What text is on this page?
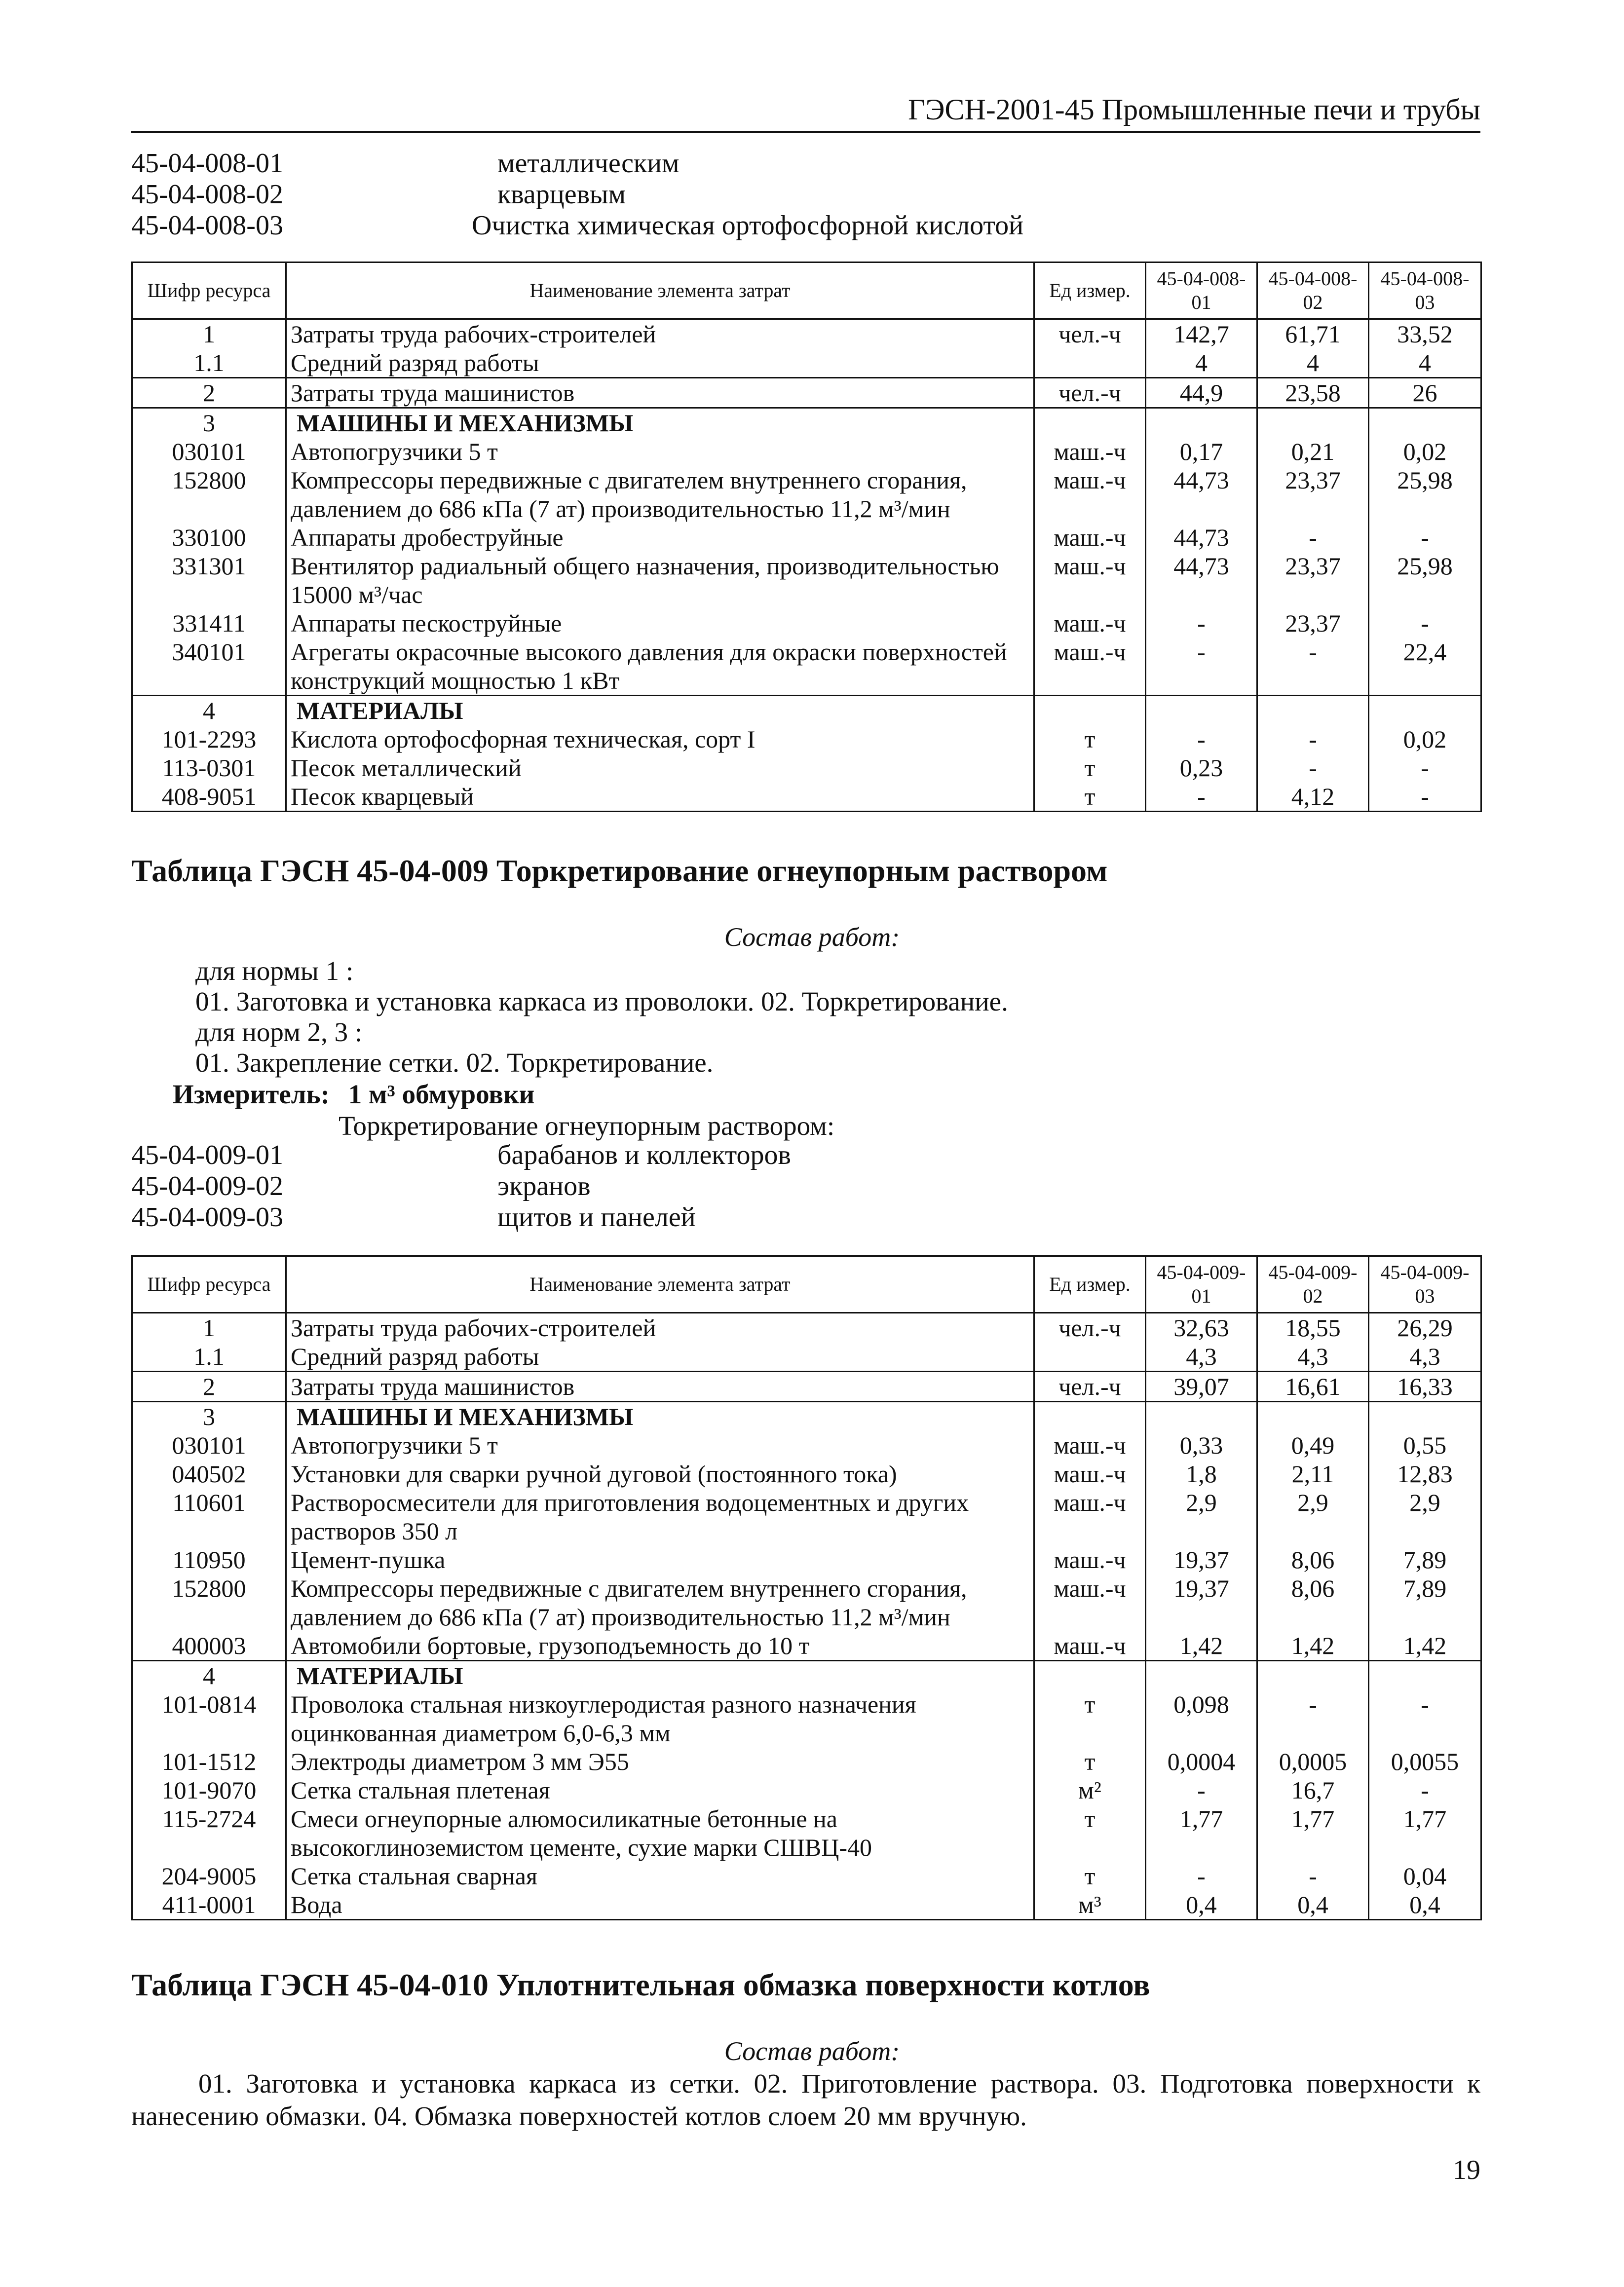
ГЭСН-2001-45 Промышленные печи и трубы
45-04-008-01	металлическим
45-04-008-02	кварцевым
45-04-008-03	Очистка химическая ортофосфорной кислотой
Шифр ресурса	Наименование элемента затрат	Ед измер.	45-04-008-01	45-04-008-02	45-04-008-03
1	Затраты труда рабочих-строителей	чел.-ч	142,7	61,71	33,52
1.1	Средний разряд работы		4	4	4
2	Затраты труда машинистов	чел.-ч	44,9	23,58	26
3	МАШИНЫ И МЕХАНИЗМЫ				
030101	Автопогрузчики 5 т	маш.-ч	0,17	0,21	0,02
152800	Компрессоры передвижные с двигателем внутреннего сгорания, давлением до 686 кПа (7 ат) производительностью 11,2 м³/мин	маш.-ч	44,73	23,37	25,98
330100	Аппараты дробеструйные	маш.-ч	44,73	-	-
331301	Вентилятор радиальный общего назначения, производительностью 15000 м³/час	маш.-ч	44,73	23,37	25,98
331411	Аппараты пескоструйные	маш.-ч	-	23,37	-
340101	Агрегаты окрасочные высокого давления для окраски поверхностей конструкций мощностью 1 кВт	маш.-ч	-	-	22,4
4	МАТЕРИАЛЫ				
101-2293	Кислота ортофосфорная техническая, сорт I	т	-	-	0,02
113-0301	Песок металлический	т	0,23	-	-
408-9051	Песок кварцевый	т	-	4,12	-
Таблица ГЭСН 45-04-009 Торкретирование огнеупорным раствором
Состав работ:
для нормы 1 :
01. Заготовка и установка каркаса из проволоки. 02. Торкретирование.
для норм 2, 3 :
01. Закрепление сетки. 02. Торкретирование.
Измеритель: 1 м³ обмуровки
Торкретирование огнеупорным раствором:
45-04-009-01	барабанов и коллекторов
45-04-009-02	экранов
45-04-009-03	щитов и панелей
Шифр ресурса	Наименование элемента затрат	Ед измер.	45-04-009-01	45-04-009-02	45-04-009-03
1	Затраты труда рабочих-строителей	чел.-ч	32,63	18,55	26,29
1.1	Средний разряд работы		4,3	4,3	4,3
2	Затраты труда машинистов	чел.-ч	39,07	16,61	16,33
3	МАШИНЫ И МЕХАНИЗМЫ				
030101	Автопогрузчики 5 т	маш.-ч	0,33	0,49	0,55
040502	Установки для сварки ручной дуговой (постоянного тока)	маш.-ч	1,8	2,11	12,83
110601	Растворосмесители для приготовления водоцементных и других растворов 350 л	маш.-ч	2,9	2,9	2,9
110950	Цемент-пушка	маш.-ч	19,37	8,06	7,89
152800	Компрессоры передвижные с двигателем внутреннего сгорания, давлением до 686 кПа (7 ат) производительностью 11,2 м³/мин	маш.-ч	19,37	8,06	7,89
400003	Автомобили бортовые, грузоподъемность до 10 т	маш.-ч	1,42	1,42	1,42
4	МАТЕРИАЛЫ				
101-0814	Проволока стальная низкоуглеродистая разного назначения оцинкованная диаметром 6,0-6,3 мм	т	0,098	-	-
101-1512	Электроды диаметром 3 мм Э55	т	0,0004	0,0005	0,0055
101-9070	Сетка стальная плетеная	м²	-	16,7	-
115-2724	Смеси огнеупорные алюмосиликатные бетонные на высокоглиноземистом цементе, сухие марки СШВЦ-40	т	1,77	1,77	1,77
204-9005	Сетка стальная сварная	т	-	-	0,04
411-0001	Вода	м³	0,4	0,4	0,4
Таблица ГЭСН 45-04-010 Уплотнительная обмазка поверхности котлов
Состав работ:
01. Заготовка и установка каркаса из сетки. 02. Приготовление раствора. 03. Подготовка поверхности к нанесению обмазки. 04. Обмазка поверхностей котлов слоем 20 мм вручную.
19
